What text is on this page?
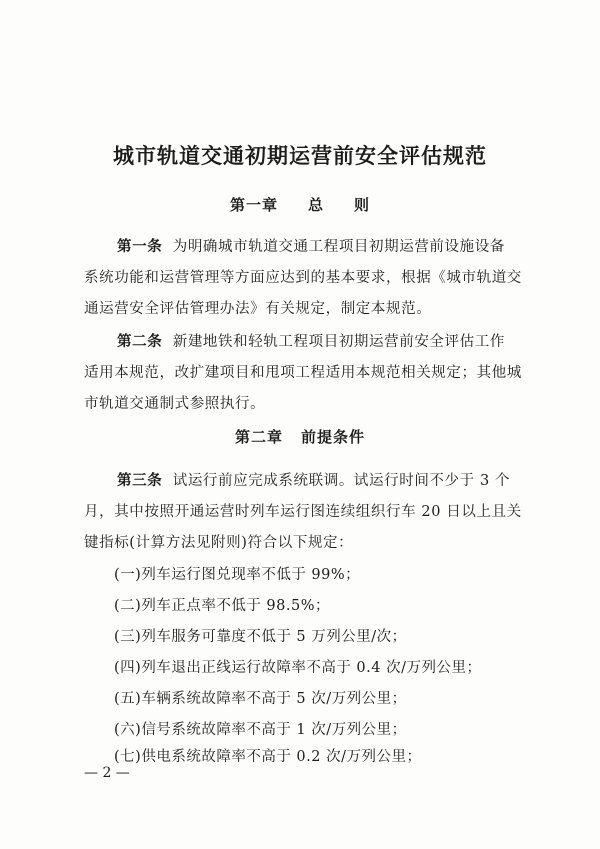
城市轨道交通初期运营前安全评估规范
第一章 总 则
第一条 为明确城市轨道交通工程项目初期运营前设施设备
系统功能和运营管理等方面应达到的基本要求，根据《城市轨道交
通运营安全评估管理办法》有关规定，制定本规范。
第二条 新建地铁和轻轨工程项目初期运营前安全评估工作
适用本规范，改扩建项目和甩项工程适用本规范相关规定；其他城
市轨道交通制式参照执行。
第二章 前提条件
第三条 试运行前应完成系统联调。试运行时间不少于 3 个
月，其中按照开通运营时列车运行图连续组织行车 20 日以上且关
键指标(计算方法见附则)符合以下规定：
(一)列车运行图兑现率不低于 99%；
(二)列车正点率不低于 98.5%；
(三)列车服务可靠度不低于 5 万列公里/次；
(四)列车退出正线运行故障率不高于 0.4 次/万列公里；
(五)车辆系统故障率不高于 5 次/万列公里；
(六)信号系统故障率不高于 1 次/万列公里；
(七)供电系统故障率不高于 0.2 次/万列公里；
— 2 —
